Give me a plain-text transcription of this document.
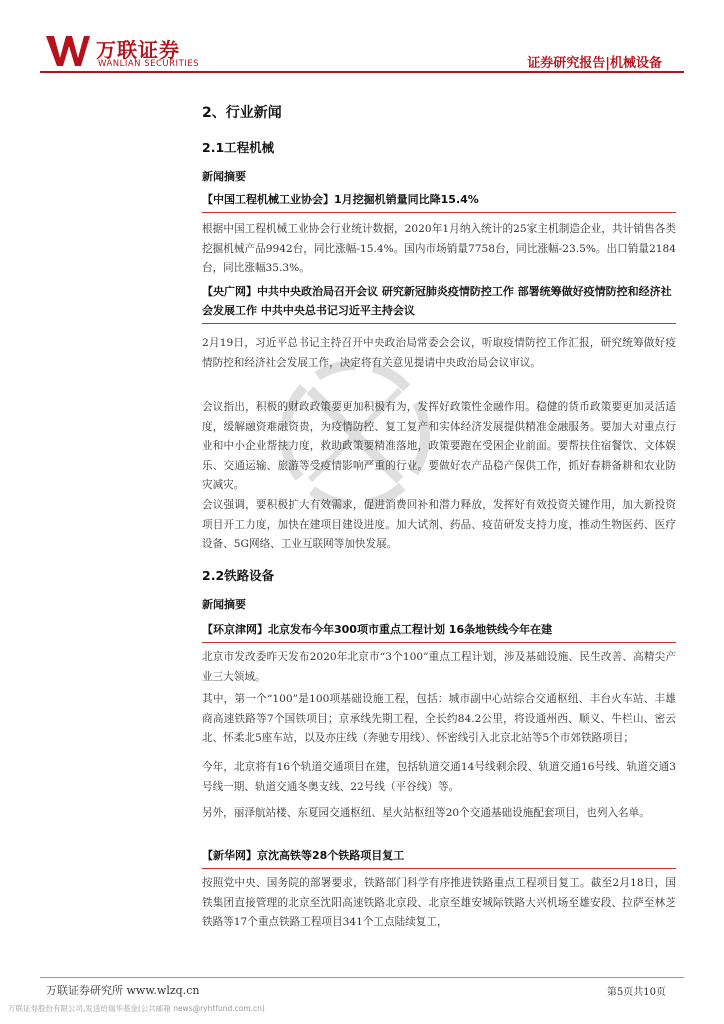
万联证券
WANLIAN SECURITIES	证券研究报告|机械设备
2、行业新闻
2.1工程机械
新闻摘要
【中国工程机械工业协会】1月挖掘机销量同比降15.4%
根据中国工程机械工业协会行业统计数据，2020年1月纳入统计的25家主机制造企业，共计销售各类挖掘机械产品9942台，同比涨幅-15.4%。国内市场销量7758台，同比涨幅-23.5%。出口销量2184台，同比涨幅35.3%。
【央广网】中共中央政治局召开会议 研究新冠肺炎疫情防控工作 部署统筹做好疫情防控和经济社会发展工作 中共中央总书记习近平主持会议
2月19日，习近平总书记主持召开中央政治局常委会会议，听取疫情防控工作汇报，研究统筹做好疫情防控和经济社会发展工作，决定将有关意见提请中央政治局会议审议。
会议指出，积极的财政政策要更加积极有为，发挥好政策性金融作用。稳健的货币政策要更加灵活适度，缓解融资难融资贵，为疫情防控、复工复产和实体经济发展提供精准金融服务。要加大对重点行业和中小企业帮扶力度，救助政策要精准落地，政策要跑在受困企业前面。要帮扶住宿餐饮、文体娱乐、交通运输、旅游等受疫情影响严重的行业。要做好农产品稳产保供工作，抓好春耕备耕和农业防灾减灾。
会议强调，要积极扩大有效需求，促进消费回补和潜力释放，发挥好有效投资关键作用，加大新投资项目开工力度，加快在建项目建设进度。加大试剂、药品、疫苗研发支持力度，推动生物医药、医疗设备、5G网络、工业互联网等加快发展。
2.2铁路设备
新闻摘要
【环京津网】北京发布今年300项市重点工程计划 16条地铁线今年在建
北京市发改委昨天发布2020年北京市“3个100”重点工程计划，涉及基础设施、民生改善、高精尖产业三大领域。
其中，第一个“100”是100项基础设施工程，包括：城市副中心站综合交通枢纽、丰台火车站、丰雄商高速铁路等7个国铁项目；京承线先期工程，全长约84.2公里，将设通州西、顺义、牛栏山、密云北、怀柔北5座车站，以及亦庄线（奔驰专用线）、怀密线引入北京北站等5个市郊铁路项目；
今年，北京将有16个轨道交通项目在建，包括轨道交通14号线剩余段、轨道交通16号线、轨道交通3号线一期、轨道交通冬奥支线、22号线（平谷线）等。
另外，丽泽航站楼、东夏园交通枢纽、星火站枢纽等20个交通基础设施配套项目，也列入名单。
【新华网】京沈高铁等28个铁路项目复工
按照党中央、国务院的部署要求，铁路部门科学有序推进铁路重点工程项目复工。截至2月18日，国铁集团直接管理的北京至沈阳高速铁路北京段、北京至雄安城际铁路大兴机场至雄安段、拉萨至林芝铁路等17个重点铁路工程项目341个工点陆续复工，
万联证券研究所 www.wlzq.cn	第5页共10页
万联证券股份有限公司,发送给瑞华基金(公共邮箱 news@ryhtfund.com.cn)
